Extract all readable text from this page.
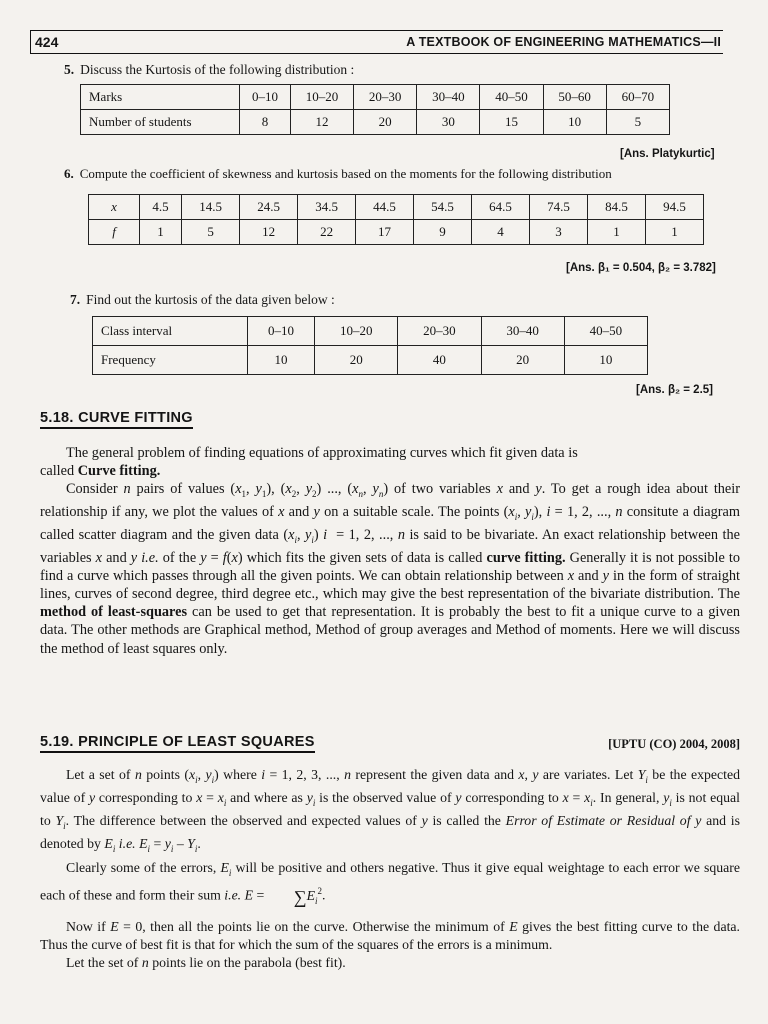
424	A TEXTBOOK OF ENGINEERING MATHEMATICS—II
5. Discuss the Kurtosis of the following distribution :
Marks	0–10	10–20	20–30	30–40	40–50	50–60	60–70
Number of students	8	12	20	30	15	10	5
[Ans. Platykurtic]
6. Compute the coefficient of skewness and kurtosis based on the moments for the following distribution
x	4.5	14.5	24.5	34.5	44.5	54.5	64.5	74.5	84.5	94.5
f	1	5	12	22	17	9	4	3	1	1
[Ans. β₁ = 0.504, β₂ = 3.782]
7. Find out the kurtosis of the data given below :
Class interval	0–10	10–20	20–30	30–40	40–50
Frequency	10	20	40	20	10
[Ans. β₂ = 2.5]
5.18. CURVE FITTING

The general problem of finding equations of approximating curves which fit given data is

called Curve fitting.

Consider n pairs of values ($x_1$, $y_1$), ($x_2$, $y_2$) ..., ($x_n$, $y_n$) of two variables x and y. To get a rough idea about their relationship if any, we plot the values of x and y on a suitable scale. The points ($x_i$, $y_i$), i = 1, 2, ..., n consitute a diagram called scatter diagram and the given data ($x_i$, $y_i$) i  = 1, 2, ..., n is said to be bivariate. An exact relationship between the variables x and y i.e. of the y = f(x) which fits the given sets of data is called curve fitting. Generally it is not possible to find a curve which passes through all the given points. We can obtain relationship between x and y in the form of straight lines, curves of second degree, third degree etc., which may give the best representation of the bivariate distribution. The method of least-squares can be used to get that representation. It is probably the best to fit a unique curve to a given data. The other methods are Graphical method, Method of group averages and Method of moments. Here we will discuss the method of least squares only.

5.19. PRINCIPLE OF LEAST SQUARES	[UPTU (CO) 2004, 2008]

Let a set of n points ($x_i$, $y_i$) where i = 1, 2, 3, ..., n represent the given data and x, y are variates. Let $Y_i$ be the expected value of y corresponding to $x = x_i$ and where as $y_i$ is the observed value of y corresponding to $x = x_i$. In general, $y_i$ is not equal to $Y_i$. The difference between the observed and expected values of y is called the Error of Estimate or Residual of y and is denoted by $E_i$ i.e. $E_i = y_i - Y_i$.

Clearly some of the errors, $E_i$ will be positive and others negative. Thus it give equal weightage to each error we square each of these and form their sum i.e. $E = \sum E_i^2$.

Now if E = 0, then all the points lie on the curve. Otherwise the minimum of E gives the best fitting curve to the data. Thus the curve of best fit is that for which the sum of the squares of the errors is a minimum.

Let the set of n points lie on the parabola (best fit).
